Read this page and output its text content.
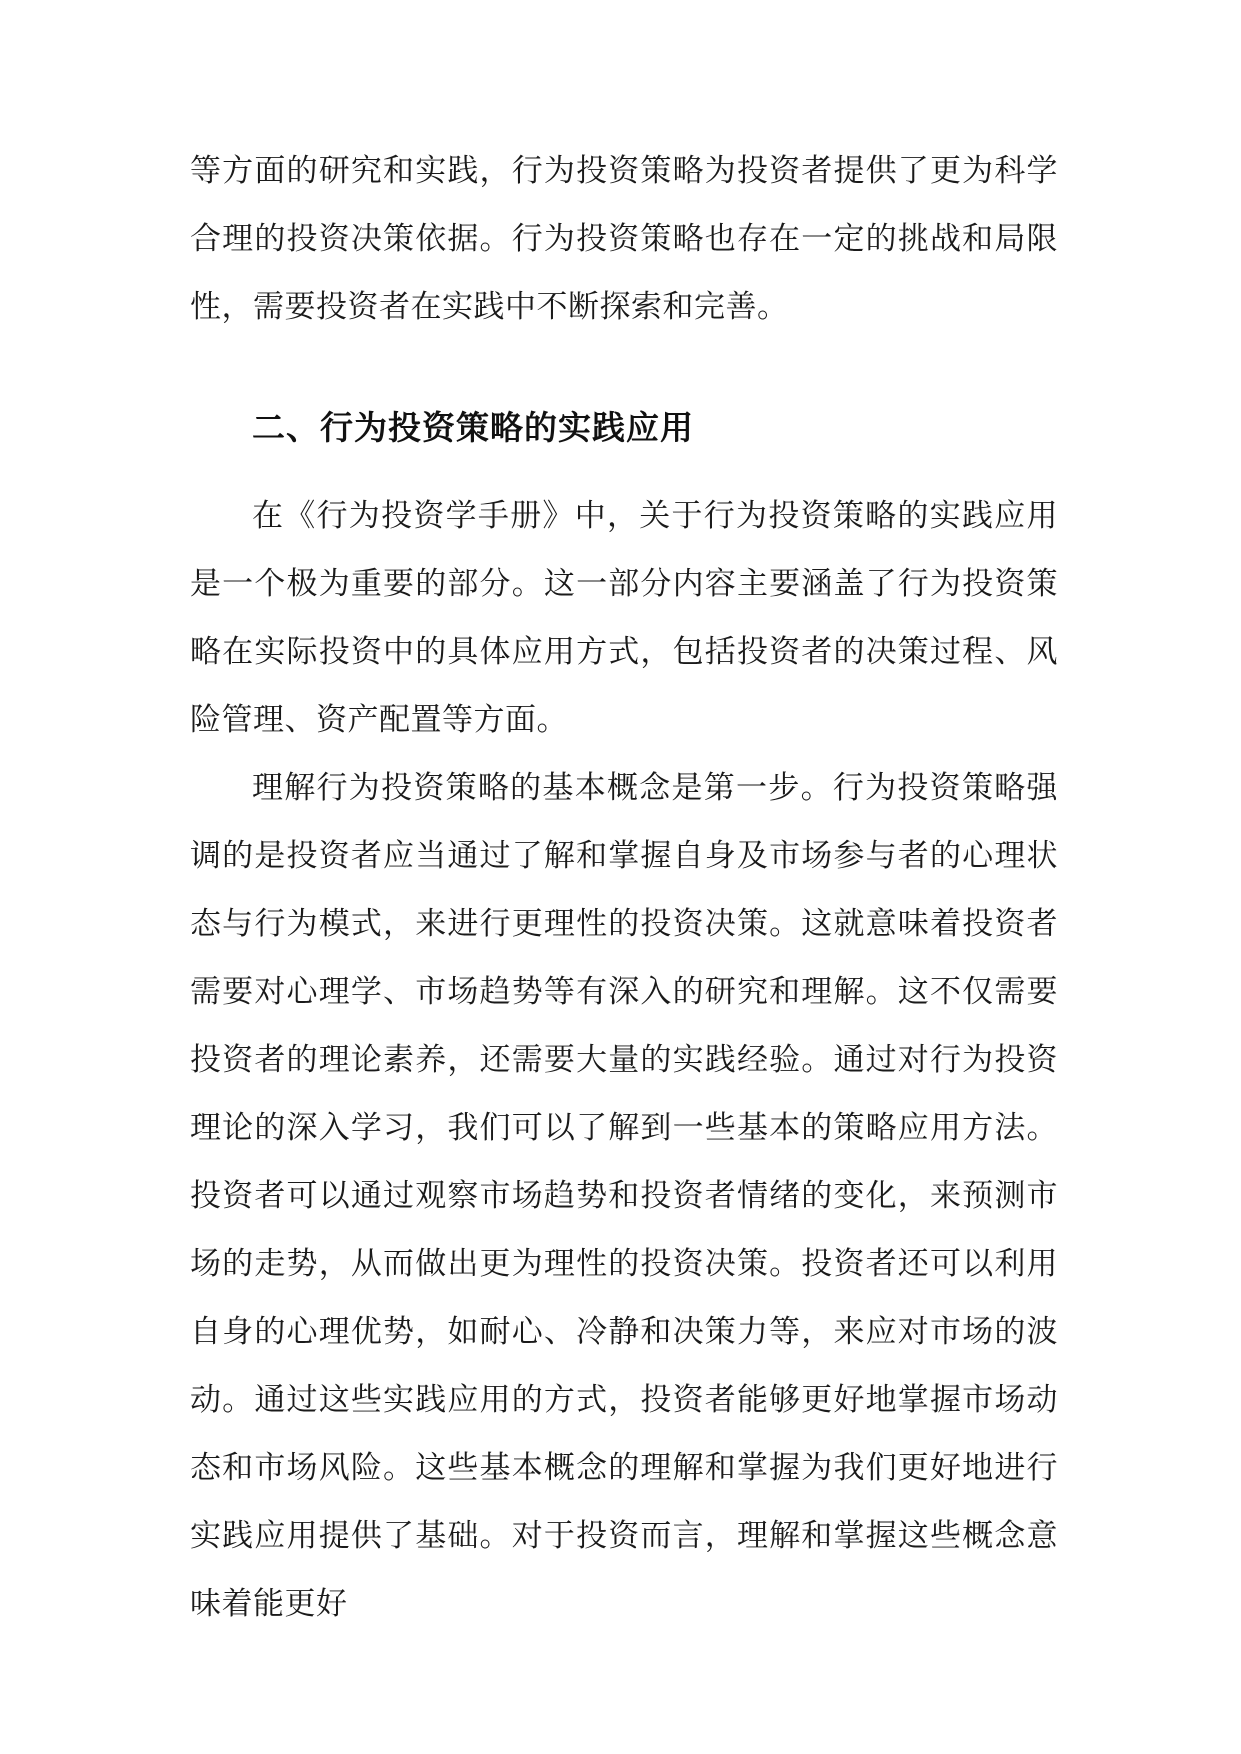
等方面的研究和实践，行为投资策略为投资者提供了更为科学合理的投资决策依据。行为投资策略也存在一定的挑战和局限性，需要投资者在实践中不断探索和完善。

二、行为投资策略的实践应用

在《行为投资学手册》中，关于行为投资策略的实践应用是一个极为重要的部分。这一部分内容主要涵盖了行为投资策略在实际投资中的具体应用方式，包括投资者的决策过程、风险管理、资产配置等方面。

理解行为投资策略的基本概念是第一步。行为投资策略强调的是投资者应当通过了解和掌握自身及市场参与者的心理状态与行为模式，来进行更理性的投资决策。这就意味着投资者需要对心理学、市场趋势等有深入的研究和理解。这不仅需要投资者的理论素养，还需要大量的实践经验。通过对行为投资理论的深入学习，我们可以了解到一些基本的策略应用方法。投资者可以通过观察市场趋势和投资者情绪的变化，来预测市场的走势，从而做出更为理性的投资决策。投资者还可以利用自身的心理优势，如耐心、冷静和决策力等，来应对市场的波动。通过这些实践应用的方式，投资者能够更好地掌握市场动态和市场风险。这些基本概念的理解和掌握为我们更好地进行实践应用提供了基础。对于投资而言，理解和掌握这些概念意味着能更好
